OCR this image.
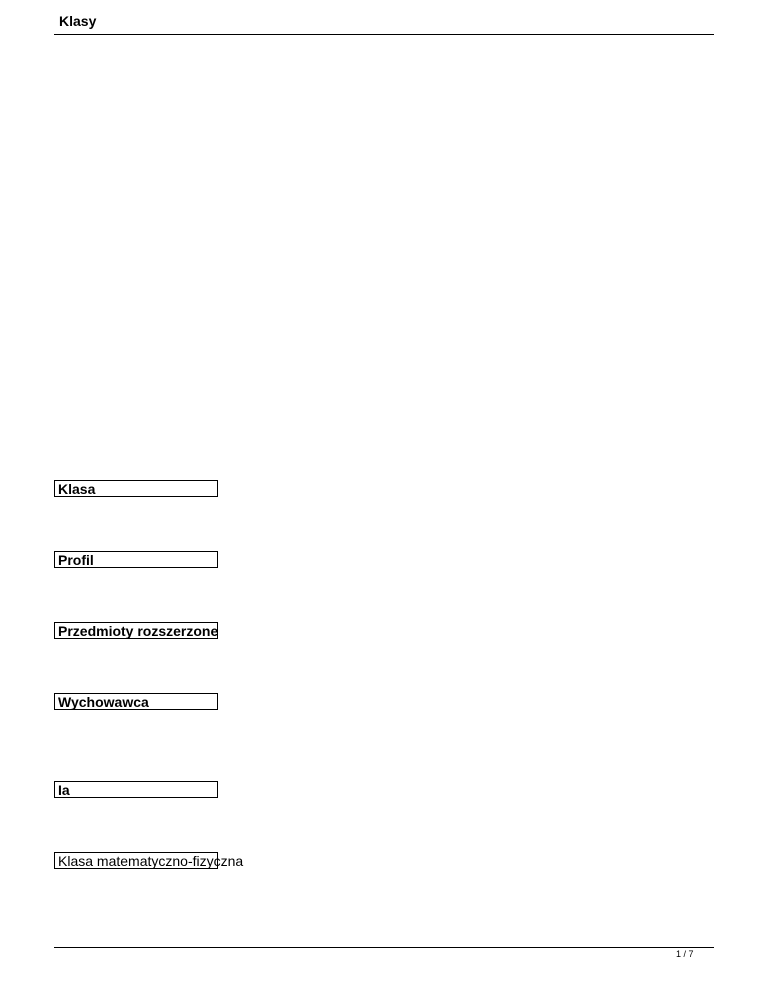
Klasy
Klasa
Profil
Przedmioty rozszerzone
Wychowawca
Ia
Klasa matematyczno-fizyczna
1 / 7
